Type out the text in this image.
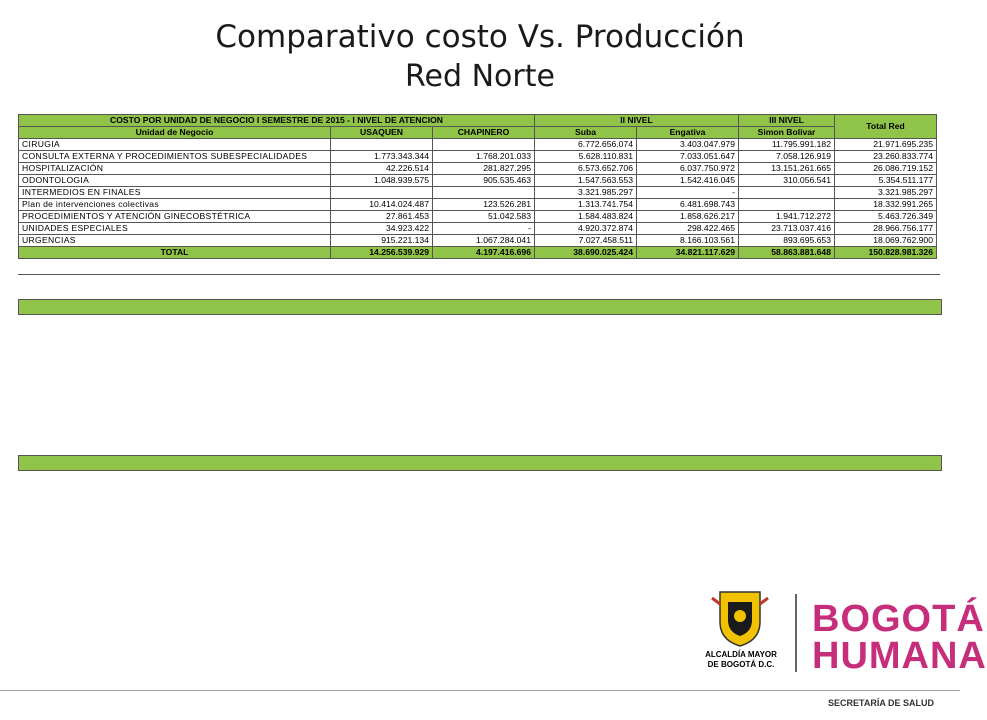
Comparativo costo Vs. Producción
Red Norte
COSTO POR UNIDAD DE NEGOCIO I SEMESTRE DE 2015 - I NIVEL DE ATENCION			II NIVEL		III NIVEL	Total Red
Unidad de Negocio	USAQUEN	CHAPINERO	Suba	Engativa	Simon Bolivar	
CIRUGIA			6.772.656.074	3.403.047.979	11.795.991.182	21.971.695.235
CONSULTA EXTERNA Y PROCEDIMIENTOS SUBESPECIALIDADES	1.773.343.344	1.768.201.033	5.628.110.831	7.033.051.647	7.058.126.919	23.260.833.774
HOSPITALIZACIÓN	42.226.514	281.827.295	6.573.652.706	6.037.750.972	13.151.261.665	26.086.719.152
ODONTOLOGIA	1.048.939.575	905.535.463	1.547.563.553	1.542.416.045	310.056.541	5.354.511.177
INTERMEDIOS EN FINALES			3.321.985.297	-		3.321.985.297
Plan de intervenciones colectivas	10.414.024.487	123.526.281	1.313.741.754	6.481.698.743		18.332.991.265
PROCEDIMIENTOS Y ATENCIÓN GINECOBSTÉTRICA	27.861.453	51.042.583	1.584.483.824	1.858.626.217	1.941.712.272	5.463.726.349
UNIDADES ESPECIALES	34.923.422	-	4.920.372.874	298.422.465	23.713.037.416	28.966.756.177
URGENCIAS	915.221.134	1.067.284.041	7.027.458.511	8.166.103.561	893.695.653	18.069.762.900
TOTAL	14.256.539.929	4.197.416.696	38.690.025.424	34.821.117.629	58.863.881.648	150.828.981.326
ALCALDÍA MAYOR
DE BOGOTÁ D.C.
BOGOTÁ
HUMANA
SECRETARÍA DE SALUD
